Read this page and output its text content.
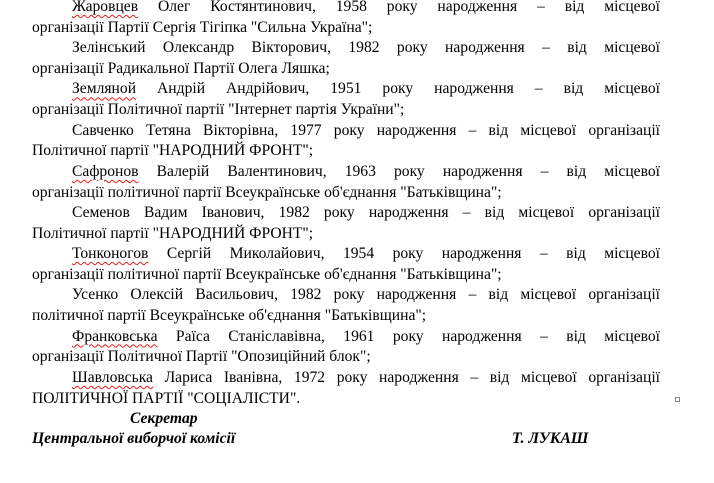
Жаровцев Олег Костянтинович, 1958 року народження – від місцевої
організації Партії Сергія Тігіпка "Сильна Україна";
Зелінський Олександр Вікторович, 1982 року народження – від місцевої
організації Радикальної Партії Олега Ляшка;
Земляной Андрій Андрійович, 1951 року народження – від місцевої
організації Політичної партії "Інтернет партія України";
Савченко Тетяна Вікторівна, 1977 року народження – від місцевої організації
Політичної партії "НАРОДНИЙ ФРОНТ";
Сафронов Валерій Валентинович, 1963 року народження – від місцевої
організації політичної партії Всеукраїнське об'єднання "Батьківщина";
Семенов Вадим Іванович, 1982 року народження – від місцевої організації
Політичної партії "НАРОДНИЙ ФРОНТ";
Тонконогов Сергій Миколайович, 1954 року народження – від місцевої
організації політичної партії Всеукраїнське об'єднання "Батьківщина";
Усенко Олексій Васильович, 1982 року народження – від місцевої організації
політичної партії Всеукраїнське об'єднання "Батьківщина";
Франковська Раїса Станіславівна, 1961 року народження – від місцевої
організації Політичної Партії "Опозиційний блок";
Шавловська Лариса Іванівна, 1972 року народження – від місцевої організації
ПОЛІТИЧНОЇ ПАРТІЇ "СОЦІАЛІСТИ".
Секретар
Центральної виборчої комісії	Т. ЛУКАШ
